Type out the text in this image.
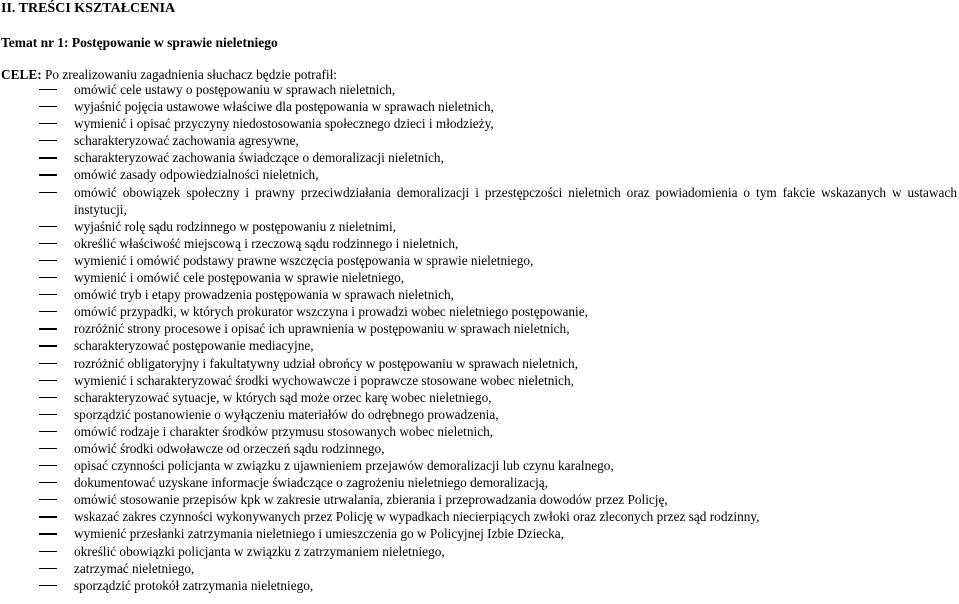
II. TREŚCI KSZTAŁCENIA
Temat nr 1: Postępowanie w sprawie nieletniego
CELE: Po zrealizowaniu zagadnienia słuchacz będzie potrafił:
omówić cele ustawy o postępowaniu w sprawach nieletnich,
wyjaśnić pojęcia ustawowe właściwe dla postępowania w sprawach nieletnich,
wymienić i opisać przyczyny niedostosowania społecznego dzieci i młodzieży,
scharakteryzować zachowania agresywne,
scharakteryzować zachowania świadczące o demoralizacji nieletnich,
omówić zasady odpowiedzialności nieletnich,
omówić obowiązek społeczny i prawny przeciwdziałania demoralizacji i przestępczości nieletnich oraz powiadomienia o tym fakcie wskazanych w ustawach instytucji,
wyjaśnić rolę sądu rodzinnego w postępowaniu z nieletnimi,
określić właściwość miejscową i rzeczową sądu rodzinnego i nieletnich,
wymienić i omówić podstawy prawne wszczęcia postępowania w sprawie nieletniego,
wymienić i omówić cele postępowania w sprawie nieletniego,
omówić tryb i etapy prowadzenia postępowania w sprawach nieletnich,
omówić przypadki, w których prokurator wszczyna i prowadzi wobec nieletniego postępowanie,
rozróżnić strony procesowe i opisać ich uprawnienia w postępowaniu w sprawach nieletnich,
scharakteryzować postępowanie mediacyjne,
rozróżnić obligatoryjny i fakultatywny udział obrońcy w postępowaniu w sprawach nieletnich,
wymienić i scharakteryzować środki wychowawcze i poprawcze stosowane wobec nieletnich,
scharakteryzować sytuacje, w których sąd może orzec karę wobec nieletniego,
sporządzić postanowienie o wyłączeniu materiałów do odrębnego prowadzenia,
omówić rodzaje i charakter środków przymusu stosowanych wobec nieletnich,
omówić środki odwoławcze od orzeczeń sądu rodzinnego,
opisać czynności policjanta w związku z ujawnieniem przejawów demoralizacji lub czynu karalnego,
dokumentować uzyskane informacje świadczące o zagrożeniu nieletniego demoralizacją,
omówić stosowanie przepisów kpk w zakresie utrwalania, zbierania i przeprowadzania dowodów przez Policję,
wskazać zakres czynności wykonywanych przez Policję w wypadkach niecierpiących zwłoki oraz zleconych przez sąd rodzinny,
wymienić przesłanki zatrzymania nieletniego i umieszczenia go w Policyjnej Izbie Dziecka,
określić obowiązki policjanta w związku z zatrzymaniem nieletniego,
zatrzymać nieletniego,
sporządzić protokół zatrzymania nieletniego,
